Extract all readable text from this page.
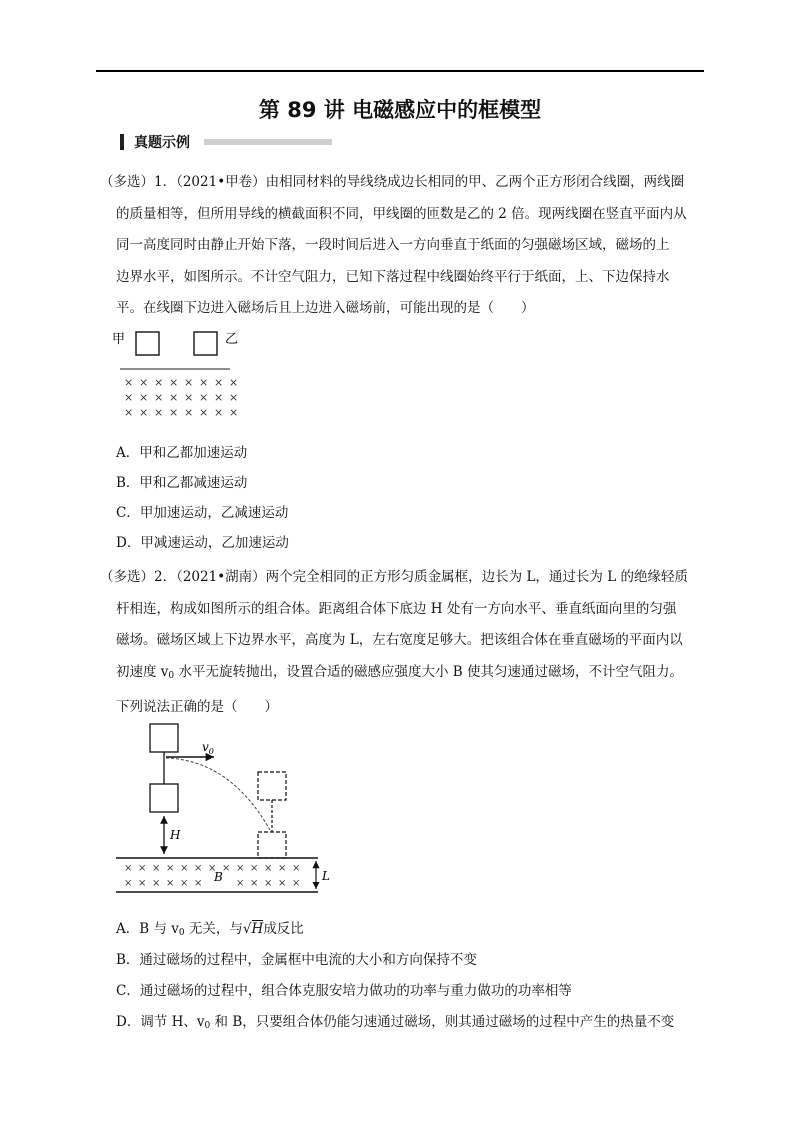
第 89 讲 电磁感应中的框模型
真题示例
（多选）1．（2021•甲卷）由相同材料的导线绕成边长相同的甲、乙两个正方形闭合线圈，两线圈
的质量相等，但所用导线的横截面积不同，甲线圈的匝数是乙的 2 倍。现两线圈在竖直平面内从
同一高度同时由静止开始下落，一段时间后进入一方向垂直于纸面的匀强磁场区域，磁场的上
边界水平，如图所示。不计空气阻力，已知下落过程中线圈始终平行于纸面，上、下边保持水
平。在线圈下边进入磁场后且上边进入磁场前，可能出现的是（　　）
甲	乙
× × × × × × × ×
× × × × × × × ×
× × × × × × × ×
A．甲和乙都加速运动
B．甲和乙都减速运动
C．甲加速运动，乙减速运动
D．甲减速运动，乙加速运动
（多选）2．（2021•湖南）两个完全相同的正方形匀质金属框，边长为 L，通过长为 L 的绝缘轻质
杆相连，构成如图所示的组合体。距离组合体下底边 H 处有一方向水平、垂直纸面向里的匀强
磁场。磁场区域上下边界水平，高度为 L，左右宽度足够大。把该组合体在垂直磁场的平面内以
初速度 $v_0$ 水平无旋转抛出，设置合适的磁感应强度大小 B 使其匀速通过磁场，不计空气阻力。
下列说法正确的是（　　）
$v_0$
H
× × × × × × × × × × × × ×
× × × × × ×	× × × × ×
B	L
A．B 与 $v_0$ 无关，与√H成反比
B．通过磁场的过程中，金属框中电流的大小和方向保持不变
C．通过磁场的过程中，组合体克服安培力做功的功率与重力做功的功率相等
D．调节 H、$v_0$ 和 B，只要组合体仍能匀速通过磁场，则其通过磁场的过程中产生的热量不变
